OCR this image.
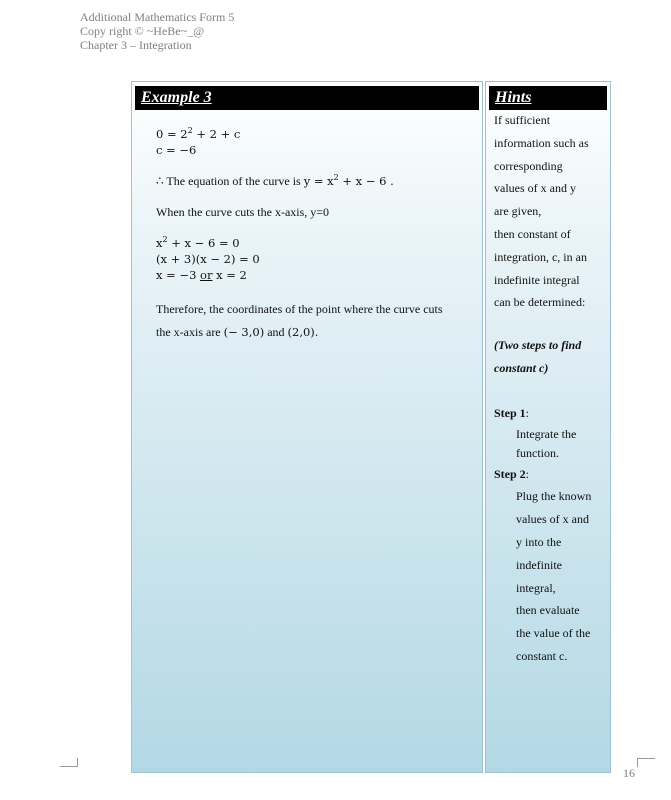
Additional Mathematics Form 5
Copy right © ~HeBe~_@
Chapter 3 – Integration
Example 3
$0 = 2^2 + 2 + c$
c = −6
∴ The equation of the curve is $y = x^2 + x - 6$ .
When the curve cuts the x-axis, y=0
$x^2 + x - 6 = 0$
(x + 3)(x − 2) = 0
x = −3 or x = 2
Therefore, the coordinates of the point where the curve cuts
the x-axis are (− 3,0) and (2,0).
Hints
If sufficient
information such as
corresponding
values of x and y
are given,
then constant of
integration, c, in an
indefinite integral
can be determined:
(Two steps to find
constant c)
Step 1:
Integrate the
function.
Step 2:
Plug the known
values of x and
y into the
indefinite
integral,
then evaluate
the value of the
constant c.
16
